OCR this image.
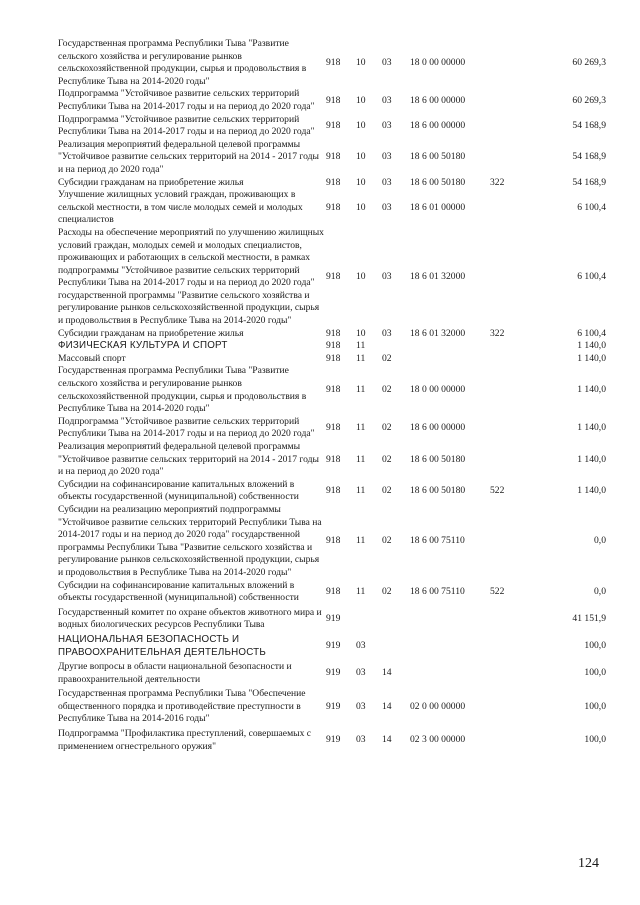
Государственная программа Республики Тыва "Развитие сельского хозяйства и регулирование рынков сельскохозяйственной продукции, сырья и продовольствия в Республике Тыва на 2014-2020 годы"	918	10	03	18 0 00 00000		60 269,3
Подпрограмма "Устойчивое развитие сельских территорий Республики Тыва на 2014-2017 годы и на период до 2020 года"	918	10	03	18 6 00 00000		60 269,3
Подпрограмма "Устойчивое развитие сельских территорий Республики Тыва на 2014-2017 годы и на период до 2020 года"	918	10	03	18 6 00 00000		54 168,9
Реализация мероприятий федеральной целевой программы "Устойчивое развитие сельских территорий на 2014 - 2017 годы и на период до 2020 года"	918	10	03	18 6 00 50180		54 168,9
Субсидии гражданам на приобретение жилья	918	10	03	18 6 00 50180	322	54 168,9
Улучшение жилищных условий граждан, проживающих в сельской местности, в том числе молодых семей и молодых специалистов	918	10	03	18 6 01 00000		6 100,4
Расходы на обеспечение мероприятий по улучшению жилищных условий граждан, молодых семей и молодых специалистов, проживающих и работающих в сельской местности, в рамках подпрограммы "Устойчивое развитие сельских территорий Республики Тыва на 2014-2017 годы и на период до 2020 года" государственной программы "Развитие сельского хозяйства и регулирование рынков сельскохозяйственной продукции, сырья и продовольствия в Республике Тыва на 2014-2020 годы"	918	10	03	18 6 01 32000		6 100,4
Субсидии гражданам на приобретение жилья	918	10	03	18 6 01 32000	322	6 100,4
ФИЗИЧЕСКАЯ КУЛЬТУРА И СПОРТ	918	11				1 140,0
Массовый спорт	918	11	02			1 140,0
Государственная программа Республики Тыва "Развитие сельского хозяйства и регулирование рынков сельскохозяйственной продукции, сырья и продовольствия в Республике Тыва на 2014-2020 годы"	918	11	02	18 0 00 00000		1 140,0
Подпрограмма "Устойчивое развитие сельских территорий Республики Тыва на 2014-2017 годы и на период до 2020 года"	918	11	02	18 6 00 00000		1 140,0
Реализация мероприятий федеральной целевой программы "Устойчивое развитие сельских территорий на 2014 - 2017 годы и на период до 2020 года"	918	11	02	18 6 00 50180		1 140,0
Субсидии на софинансирование капитальных вложений в объекты государственной (муниципальной) собственности	918	11	02	18 6 00 50180	522	1 140,0
Субсидии на реализацию мероприятий подпрограммы "Устойчивое развитие сельских территорий Республики Тыва на 2014-2017 годы и на период до 2020 года" государственной программы Республики Тыва "Развитие сельского хозяйства и регулирование рынков сельскохозяйственной продукции, сырья и продовольствия в Республике Тыва на 2014-2020 годы"	918	11	02	18 6 00 75110		0,0
Субсидии на софинансирование капитальных вложений в объекты государственной (муниципальной) собственности	918	11	02	18 6 00 75110	522	0,0
Государственный комитет по охране объектов животного мира и водных биологических ресурсов Республики Тыва	919					41 151,9
НАЦИОНАЛЬНАЯ БЕЗОПАСНОСТЬ И ПРАВООХРАНИТЕЛЬНАЯ ДЕЯТЕЛЬНОСТЬ	919	03				100,0
Другие вопросы в области национальной безопасности и правоохранительной деятельности	919	03	14			100,0
Государственная программа Республики Тыва "Обеспечение общественного порядка и противодействие преступности в Республике Тыва на 2014-2016 годы"	919	03	14	02 0 00 00000		100,0
Подпрограмма "Профилактика преступлений, совершаемых с применением огнестрельного оружия"	919	03	14	02 3 00 00000		100,0
124
